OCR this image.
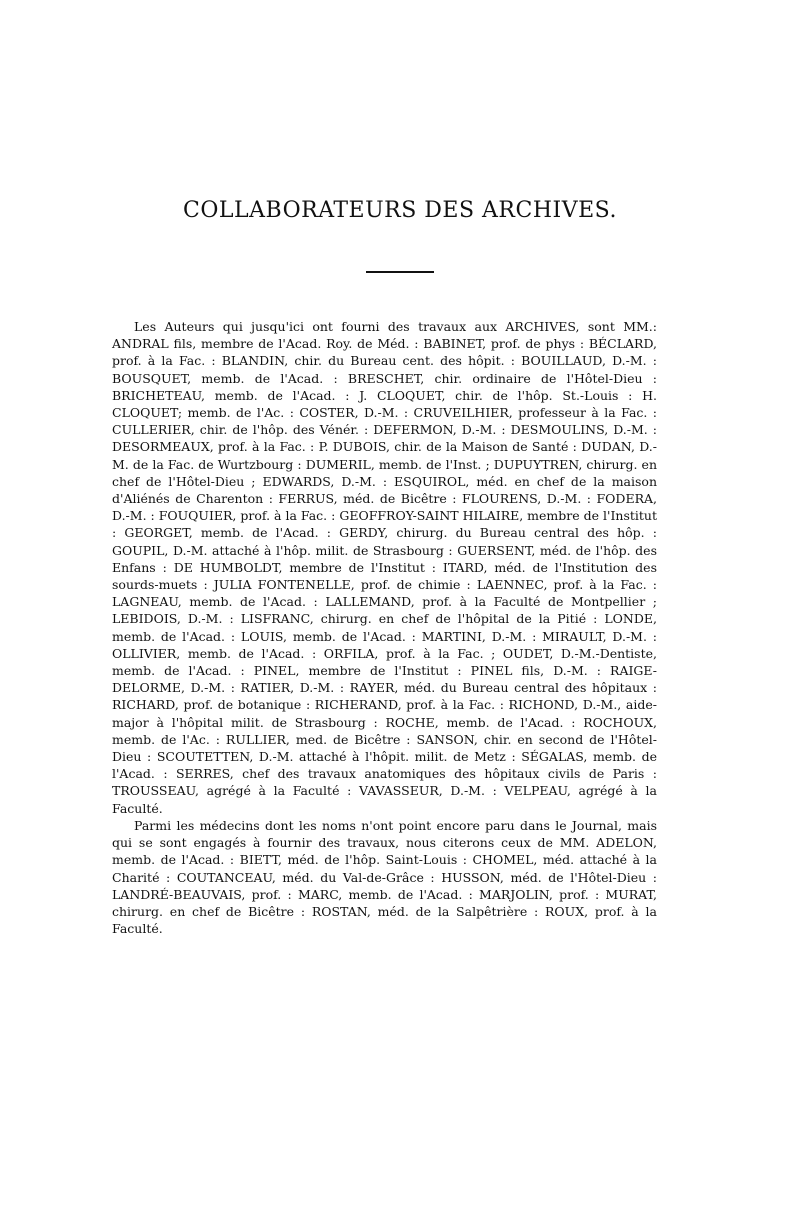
COLLABORATEURS DES ARCHIVES.

Les Auteurs qui jusqu'ici ont fourni des travaux aux ARCHIVES, sont MM.: ANDRAL fils, membre de l'Acad. Roy. de Méd. : BABINET, prof. de phys : BÉCLARD, prof. à la Fac. : BLANDIN, chir. du Bureau cent. des hôpit. : BOUILLAUD, D.-M. : BOUSQUET, memb. de l'Acad. : BRESCHET, chir. ordinaire de l'Hôtel-Dieu : BRICHETEAU, memb. de l'Acad. : J. CLOQUET, chir. de l'hôp. St.-Louis : H. CLOQUET; memb. de l'Ac. : COSTER, D.-M. : CRUVEILHIER, professeur à la Fac. : CULLERIER, chir. de l'hôp. des Vénér. : DEFERMON, D.-M. : DESMOULINS, D.-M. : DESORMEAUX, prof. à la Fac. : P. DUBOIS, chir. de la Maison de Santé : DUDAN, D.-M. de la Fac. de Wurtzbourg : DUMERIL, memb. de l'Inst. ; DUPUYTREN, chirurg. en chef de l'Hôtel-Dieu ; EDWARDS, D.-M. : ESQUIROL, méd. en chef de la maison d'Aliénés de Charenton : FERRUS, méd. de Bicêtre : FLOURENS, D.-M. : FODERA, D.-M. : FOUQUIER, prof. à la Fac. : GEOFFROY-SAINT HILAIRE, membre de l'Institut : GEORGET, memb. de l'Acad. : GERDY, chirurg. du Bureau central des hôp. : GOUPIL, D.-M. attaché à l'hôp. milit. de Strasbourg : GUERSENT, méd. de l'hôp. des Enfans : DE HUMBOLDT, membre de l'Institut : ITARD, méd. de l'Institution des sourds-muets : JULIA FONTENELLE, prof. de chimie : LAENNEC, prof. à la Fac. : LAGNEAU, memb. de l'Acad. : LALLEMAND, prof. à la Faculté de Montpellier ; LEBIDOIS, D.-M. : LISFRANC, chirurg. en chef de l'hôpital de la Pitié : LONDE, memb. de l'Acad. : LOUIS, memb. de l'Acad. : MARTINI, D.-M. : MIRAULT, D.-M. : OLLIVIER, memb. de l'Acad. : ORFILA, prof. à la Fac. ; OUDET, D.-M.-Dentiste, memb. de l'Acad. : PINEL, membre de l'Institut : PINEL fils, D.-M. : RAIGE-DELORME, D.-M. : RATIER, D.-M. : RAYER, méd. du Bureau central des hôpitaux : RICHARD, prof. de botanique : RICHERAND, prof. à la Fac. : RICHOND, D.-M., aide-major à l'hôpital milit. de Strasbourg : ROCHE, memb. de l'Acad. : ROCHOUX, memb. de l'Ac. : RULLIER, med. de Bicêtre : SANSON, chir. en second de l'Hôtel-Dieu : SCOUTETTEN, D.-M. attaché à l'hôpit. milit. de Metz : SÉGALAS, memb. de l'Acad. : SERRES, chef des travaux anatomiques des hôpitaux civils de Paris : TROUSSEAU, agrégé à la Faculté : VAVASSEUR, D.-M. : VELPEAU, agrégé à la Faculté.

Parmi les médecins dont les noms n'ont point encore paru dans le Journal, mais qui se sont engagés à fournir des travaux, nous citerons ceux de MM. ADELON, memb. de l'Acad. : BIETT, méd. de l'hôp. Saint-Louis : CHOMEL, méd. attaché à la Charité : COUTANCEAU, méd. du Val-de-Grâce : HUSSON, méd. de l'Hôtel-Dieu : LANDRÉ-BEAUVAIS, prof. : MARC, memb. de l'Acad. : MARJOLIN, prof. : MURAT, chirurg. en chef de Bicêtre : ROSTAN, méd. de la Salpêtrière : ROUX, prof. à la Faculté.
